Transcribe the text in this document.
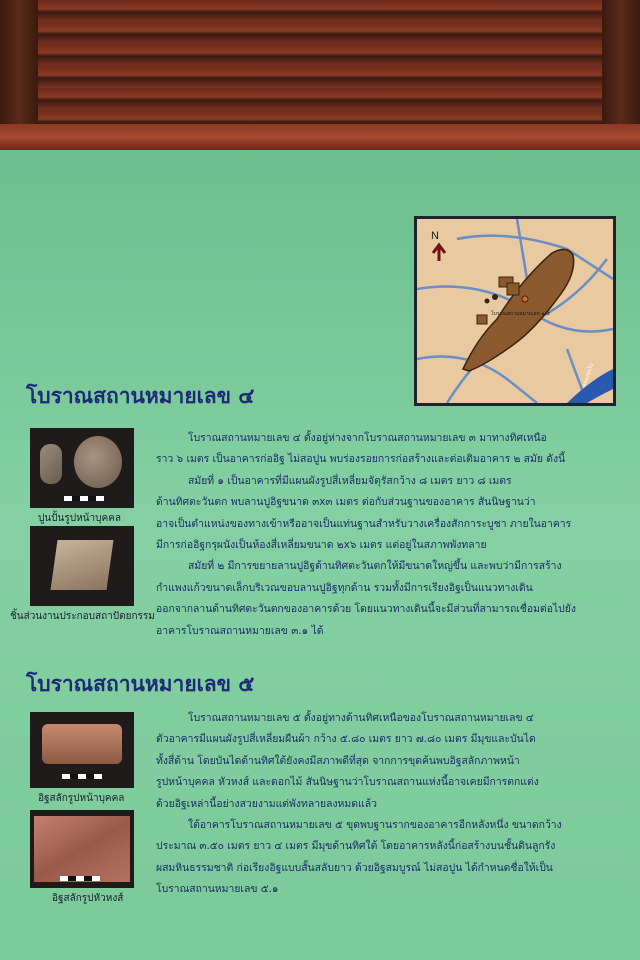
N
โบราณสถานหมายเลข ๑-๕
คลองชุมโป
โบราณสถานหมายเลข ๔
ปูนปั้นรูปหน้าบุคคล
ชิ้นส่วนงานประกอบสถาปัตยกรรม
โบราณสถานหมายเลข ๔ ตั้งอยู่ห่างจากโบราณสถานหมายเลข ๓ มาทางทิศเหนือ
ราว ๖ เมตร เป็นอาคารก่ออิฐ ไม่สอปูน พบร่องรอยการก่อสร้างและต่อเติมอาคาร ๒ สมัย ดังนี้
สมัยที่ ๑ เป็นอาคารที่มีแผนผังรูปสี่เหลี่ยมจัตุรัสกว้าง ๘ เมตร ยาว ๘ เมตร
ด้านทิศตะวันตก พบลานปูอิฐขนาด ๓x๓ เมตร ต่อกับส่วนฐานของอาคาร สันนิษฐานว่า
อาจเป็นตำแหน่งของทางเข้าหรืออาจเป็นแท่นฐานสำหรับวางเครื่องสักการะบูชา ภายในอาคาร
มีการก่ออิฐกรุผนังเป็นห้องสี่เหลี่ยมขนาด ๒x๖ เมตร แต่อยู่ในสภาพพังทลาย
สมัยที่ ๒ มีการขยายลานปูอิฐด้านทิศตะวันตกให้มีขนาดใหญ่ขึ้น และพบว่ามีการสร้าง
กำแพงแก้วขนาดเล็กบริเวณขอบลานปูอิฐทุกด้าน รวมทั้งมีการเรียงอิฐเป็นแนวทางเดิน
ออกจากลานด้านทิศตะวันตกของอาคารด้วย โดยแนวทางเดินนี้จะมีส่วนที่สามารถเชื่อมต่อไปยัง
อาคารโบราณสถานหมายเลข ๓.๑ ได้
โบราณสถานหมายเลข ๕
อิฐสลักรูปหน้าบุคคล
อิฐสลักรูปหัวหงส์
โบราณสถานหมายเลข ๕ ตั้งอยู่ทางด้านทิศเหนือของโบราณสถานหมายเลข ๔
ตัวอาคารมีแผนผังรูปสี่เหลี่ยมผืนผ้า กว้าง ๕.๘๐ เมตร ยาว ๗.๘๐ เมตร มีมุขและบันได
ทั้งสี่ด้าน โดยบันไดด้านทิศใต้ยังคงมีสภาพดีที่สุด จากการขุดค้นพบอิฐสลักภาพหน้า
รูปหน้าบุคคล หัวหงส์ และดอกไม้ สันนิษฐานว่าโบราณสถานแห่งนี้อาจเคยมีการตกแต่ง
ด้วยอิฐเหล่านี้อย่างสวยงามแต่พังทลายลงหมดแล้ว
ใต้อาคารโบราณสถานหมายเลข ๕ ขุดพบฐานรากของอาคารอีกหลังหนึ่ง ขนาดกว้าง
ประมาณ ๓.๕๐ เมตร ยาว ๔ เมตร มีมุขด้านทิศใต้ โดยอาคารหลังนี้ก่อสร้างบนชั้นดินลูกรัง
ผสมหินธรรมชาติ ก่อเรียงอิฐแบบสั้นสลับยาว ด้วยอิฐสมบูรณ์ ไม่สอปูน ได้กำหนดชื่อให้เป็น
โบราณสถานหมายเลข ๕.๑
